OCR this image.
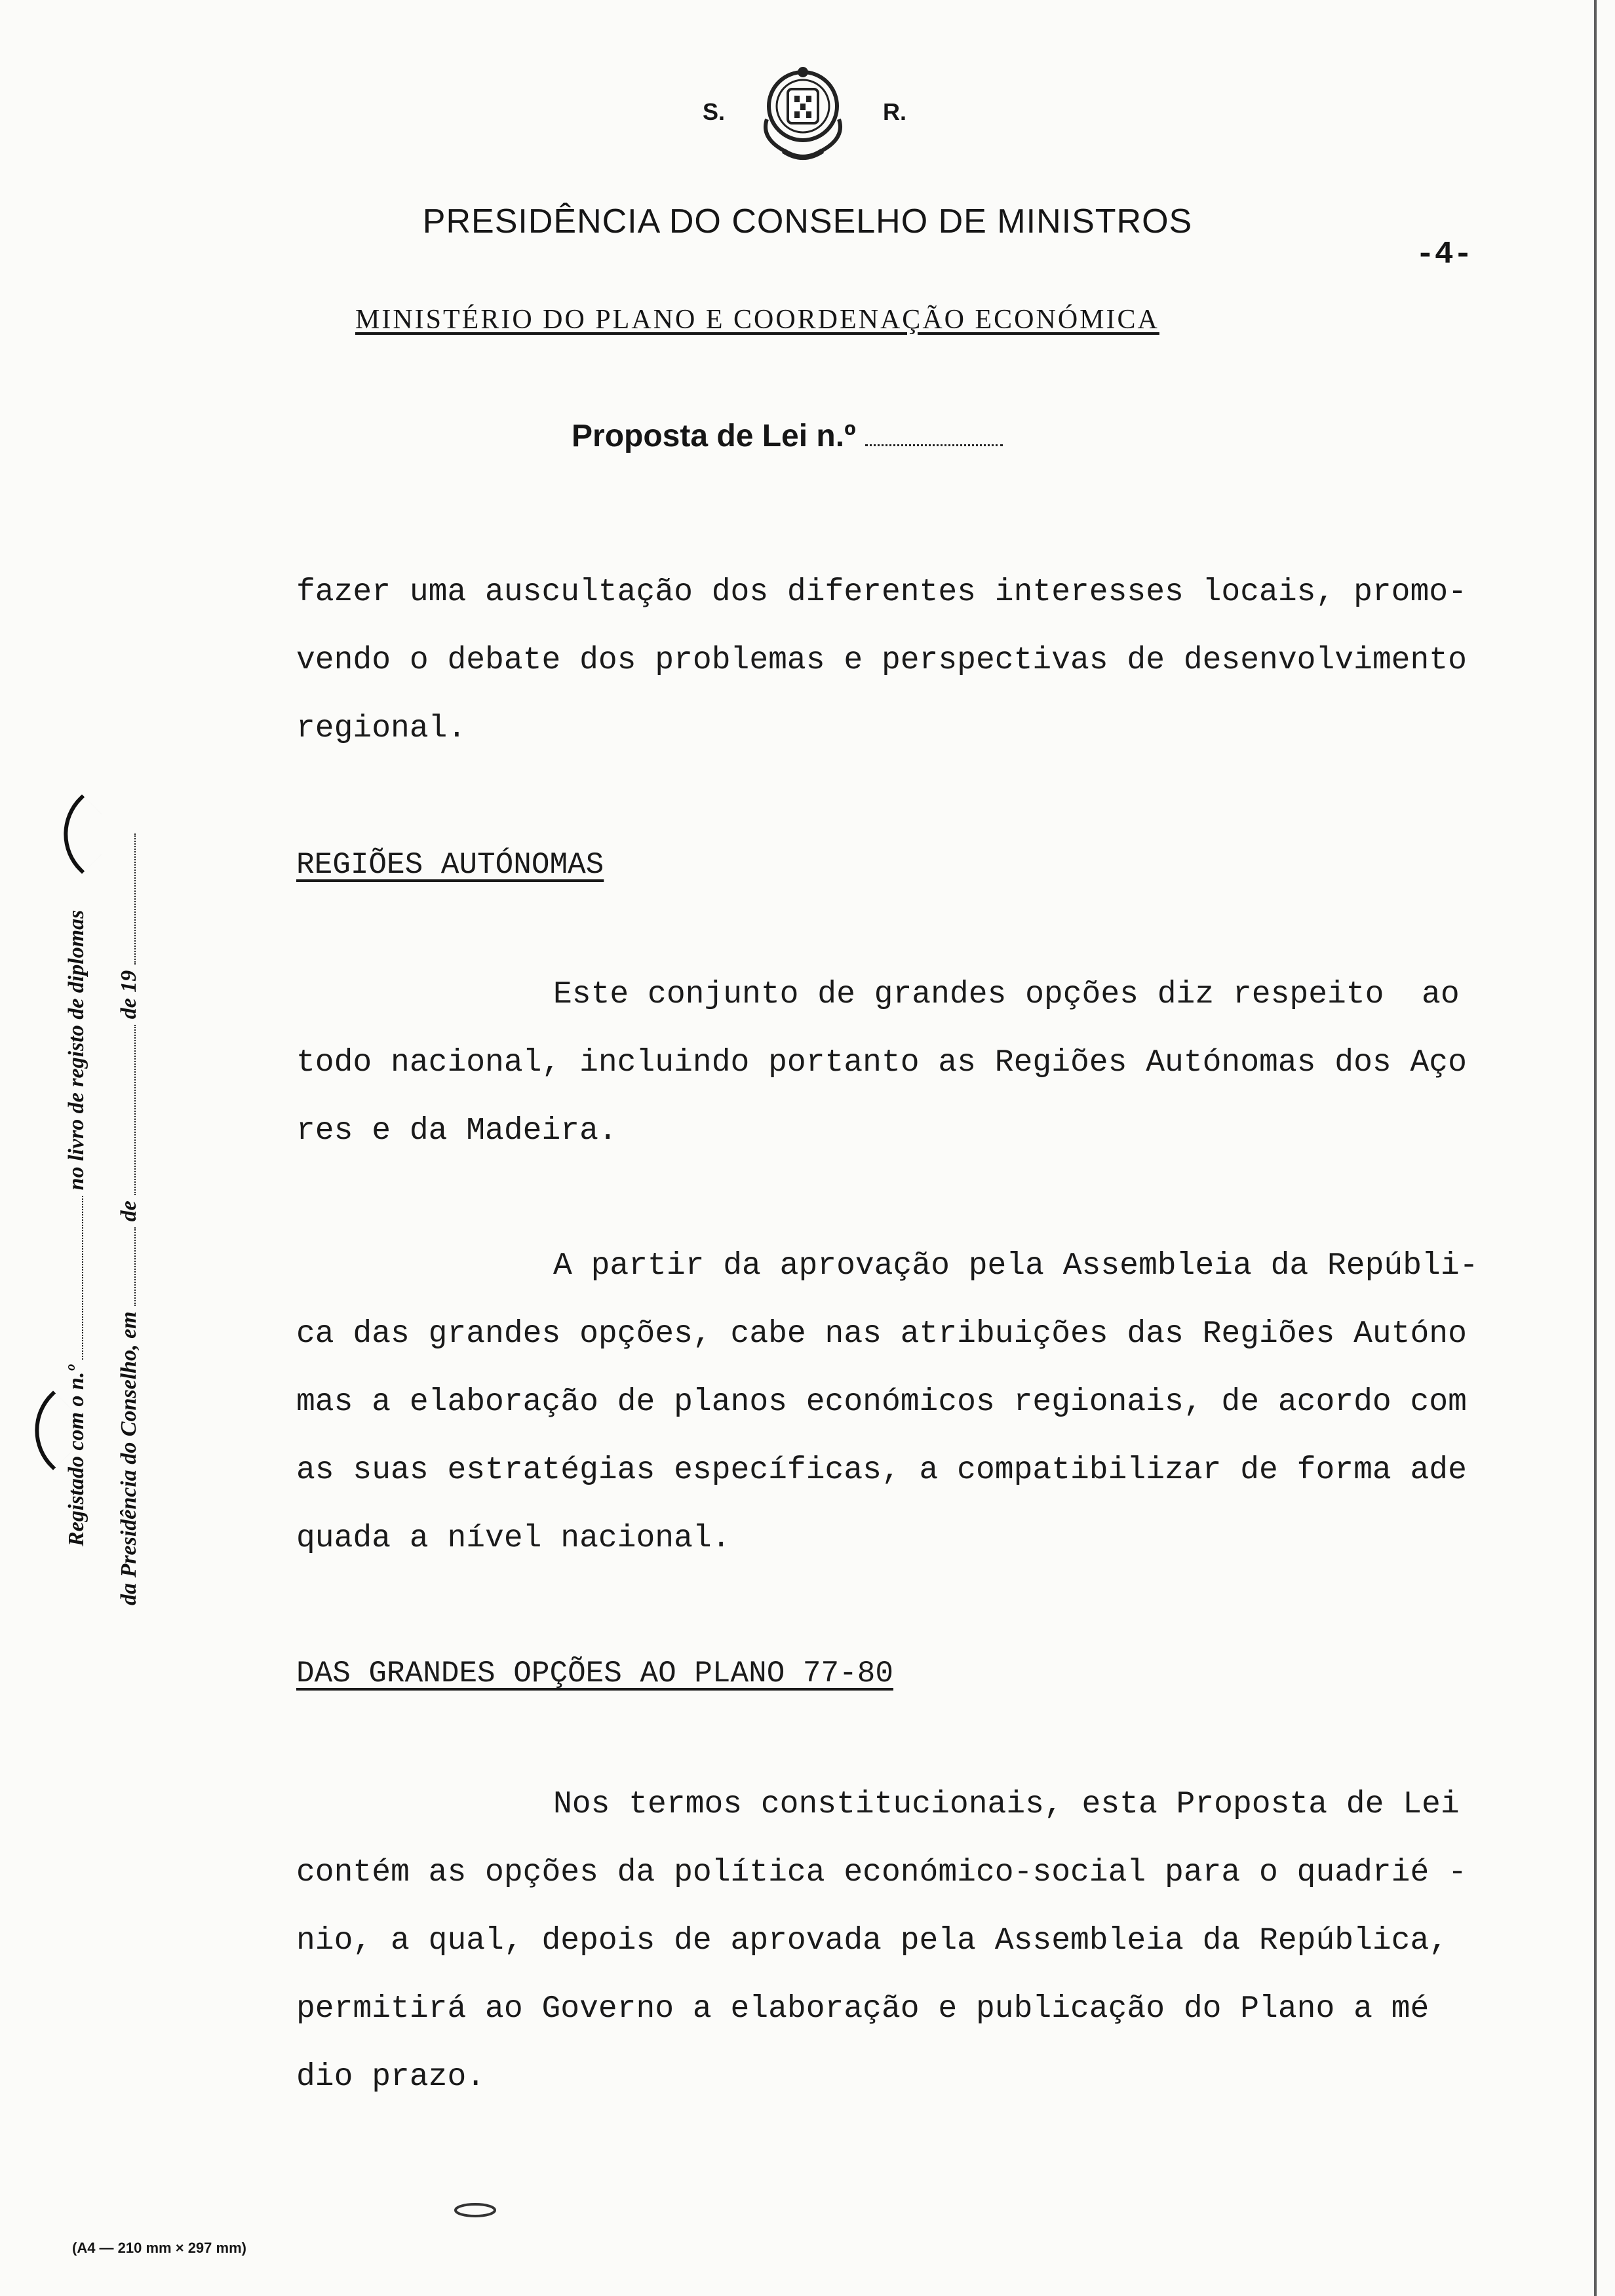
S.	R.
PRESIDÊNCIA DO CONSELHO DE MINISTROS
-4-
MINISTÉRIO DO PLANO E COORDENAÇÃO ECONÓMICA
Proposta de Lei n.º
Registado com o n.º  no livro de registo de diplomas
da Presidência do Conselho, em  de  de 19

fazer uma auscultação dos diferentes interesses locais, promo-
vendo o debate dos problemas e perspectivas de desenvolvimento
regional.

REGIÕES AUTÓNOMAS

Este conjunto de grandes opções diz respeito  ao
todo nacional, incluindo portanto as Regiões Autónomas dos Aço
res e da Madeira.

A partir da aprovação pela Assembleia da Repúbli-
ca das grandes opções, cabe nas atribuições das Regiões Autóno
mas a elaboração de planos económicos regionais, de acordo com
as suas estratégias específicas, a compatibilizar de forma ade
quada a nível nacional.

DAS GRANDES OPÇÕES AO PLANO 77-80

Nos termos constitucionais, esta Proposta de Lei
contém as opções da política económico-social para o quadrié -
nio, a qual, depois de aprovada pela Assembleia da República,
permitirá ao Governo a elaboração e publicação do Plano a mé
dio prazo.

(A4 — 210 mm × 297 mm)
